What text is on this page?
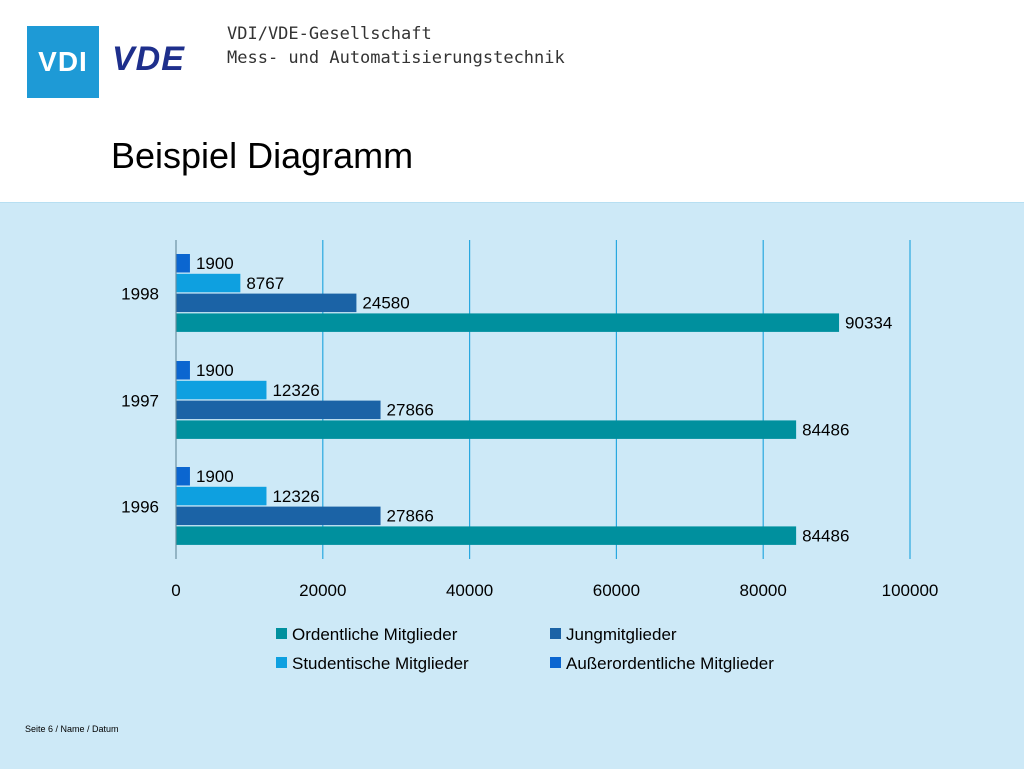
VDI VDE
VDI/VDE-Gesellschaft
Mess- und Automatisierungstechnik
Beispiel Diagramm
0	20000	40000	60000	80000	100000
1900
8767
24580
90334
1998
1900
12326
27866
84486
1997
1900
12326
27866
84486
1996
Ordentliche Mitglieder	Jungmitglieder
Studentische Mitglieder	Außerordentliche Mitglieder
Seite 6 / Name / Datum
